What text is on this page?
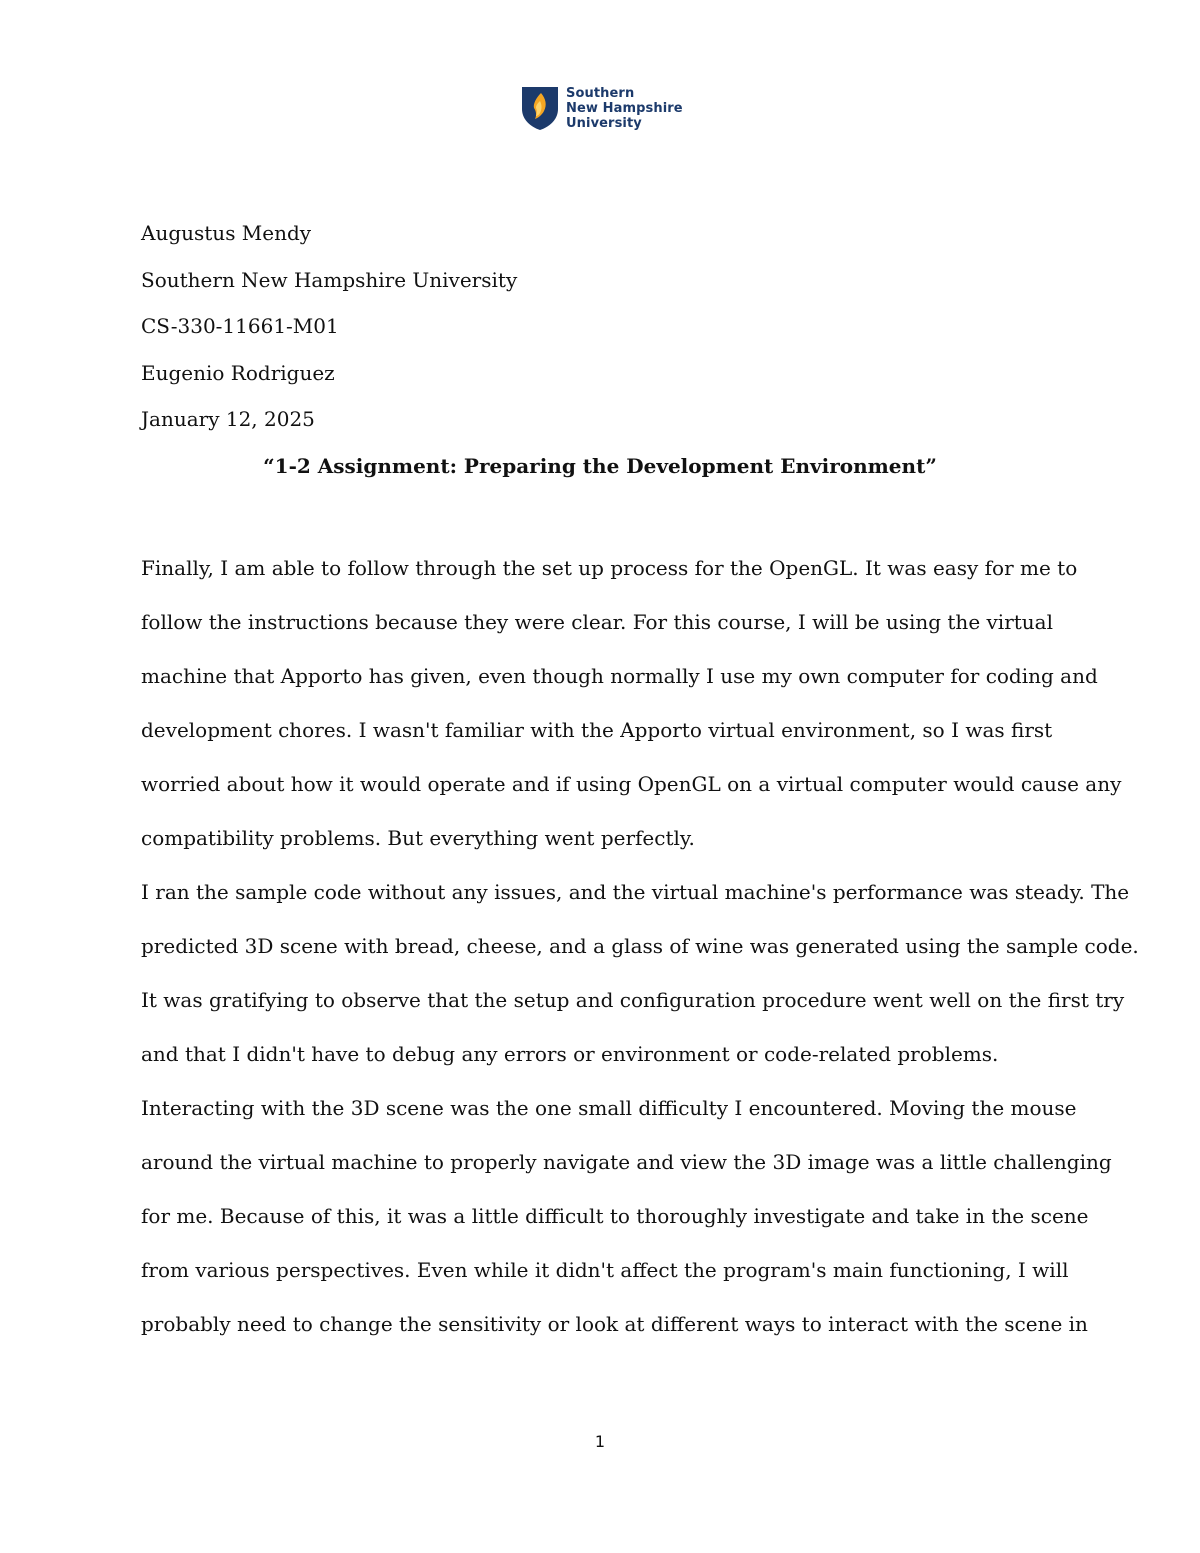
Southern
New Hampshire
University
Augustus Mendy
Southern New Hampshire University
CS-330-11661-M01
Eugenio Rodriguez
January 12, 2025
“1-2 Assignment: Preparing the Development Environment”
Finally, I am able to follow through the set up process for the OpenGL. It was easy for me to
follow the instructions because they were clear. For this course, I will be using the virtual
machine that Apporto has given, even though normally I use my own computer for coding and
development chores. I wasn't familiar with the Apporto virtual environment, so I was first
worried about how it would operate and if using OpenGL on a virtual computer would cause any
compatibility problems. But everything went perfectly.
I ran the sample code without any issues, and the virtual machine's performance was steady. The
predicted 3D scene with bread, cheese, and a glass of wine was generated using the sample code.
It was gratifying to observe that the setup and configuration procedure went well on the first try
and that I didn't have to debug any errors or environment or code-related problems.
Interacting with the 3D scene was the one small difficulty I encountered. Moving the mouse
around the virtual machine to properly navigate and view the 3D image was a little challenging
for me. Because of this, it was a little difficult to thoroughly investigate and take in the scene
from various perspectives. Even while it didn't affect the program's main functioning, I will
probably need to change the sensitivity or look at different ways to interact with the scene in
1
